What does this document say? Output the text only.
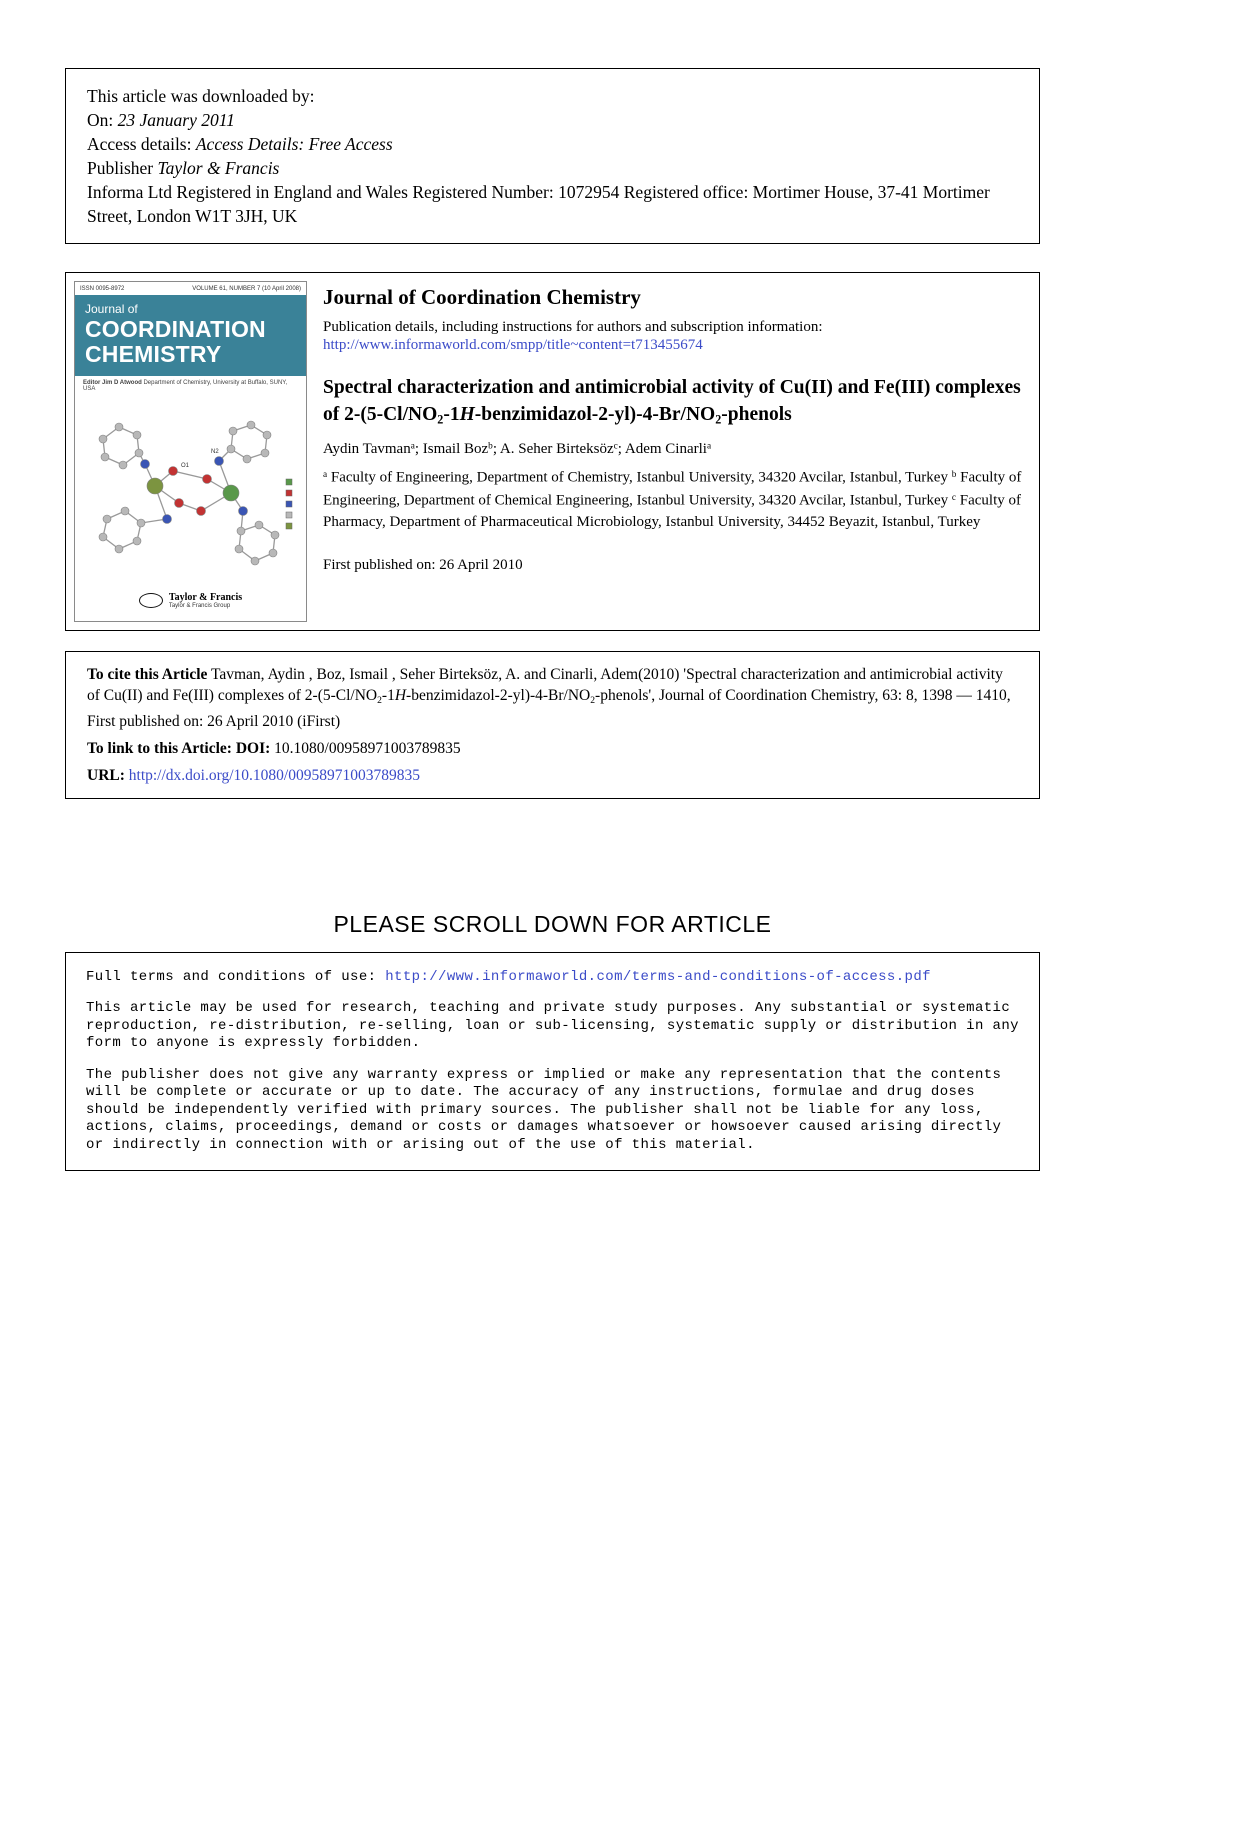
This article was downloaded by:
On: 23 January 2011
Access details: Access Details: Free Access
Publisher Taylor & Francis
Informa Ltd Registered in England and Wales Registered Number: 1072954 Registered office: Mortimer House, 37-41 Mortimer Street, London W1T 3JH, UK
ISSN 0095-8972	VOLUME 61, NUMBER 7 (10 April 2008)
Journal of
COORDINATION
CHEMISTRY
Editor Jim D Atwood Department of Chemistry, University at Buffalo, SUNY, USA
O1
N2
Taylor & Francis
Taylor & Francis Group
Journal of Coordination Chemistry
Publication details, including instructions for authors and subscription information:
http://www.informaworld.com/smpp/title~content=t713455674
Spectral characterization and antimicrobial activity of Cu(II) and Fe(III) complexes of 2-(5-Cl/NO2-1H-benzimidazol-2-yl)-4-Br/NO2-phenols
Aydin Tavman$^a$; Ismail Boz$^b$; A. Seher Birteksöz$^c$; Adem Cinarli$^a$
$^a$ Faculty of Engineering, Department of Chemistry, Istanbul University, 34320 Avcilar, Istanbul, Turkey $^b$ Faculty of Engineering, Department of Chemical Engineering, Istanbul University, 34320 Avcilar, Istanbul, Turkey $^c$ Faculty of Pharmacy, Department of Pharmaceutical Microbiology, Istanbul University, 34452 Beyazit, Istanbul, Turkey
First published on: 26 April 2010

To cite this Article Tavman, Aydin , Boz, Ismail , Seher Birteksöz, A. and Cinarli, Adem(2010) 'Spectral characterization and antimicrobial activity of Cu(II) and Fe(III) complexes of 2-(5-Cl/NO2-1H-benzimidazol-2-yl)-4-Br/NO2-phenols', Journal of Coordination Chemistry, 63: 8, 1398 — 1410, First published on: 26 April 2010 (iFirst)

To link to this Article: DOI: 10.1080/00958971003789835

URL: http://dx.doi.org/10.1080/00958971003789835

PLEASE SCROLL DOWN FOR ARTICLE

Full terms and conditions of use: http://www.informaworld.com/terms-and-conditions-of-access.pdf

This article may be used for research, teaching and private study purposes. Any substantial or systematic reproduction, re-distribution, re-selling, loan or sub-licensing, systematic supply or distribution in any form to anyone is expressly forbidden.

The publisher does not give any warranty express or implied or make any representation that the contents will be complete or accurate or up to date. The accuracy of any instructions, formulae and drug doses should be independently verified with primary sources. The publisher shall not be liable for any loss, actions, claims, proceedings, demand or costs or damages whatsoever or howsoever caused arising directly or indirectly in connection with or arising out of the use of this material.
